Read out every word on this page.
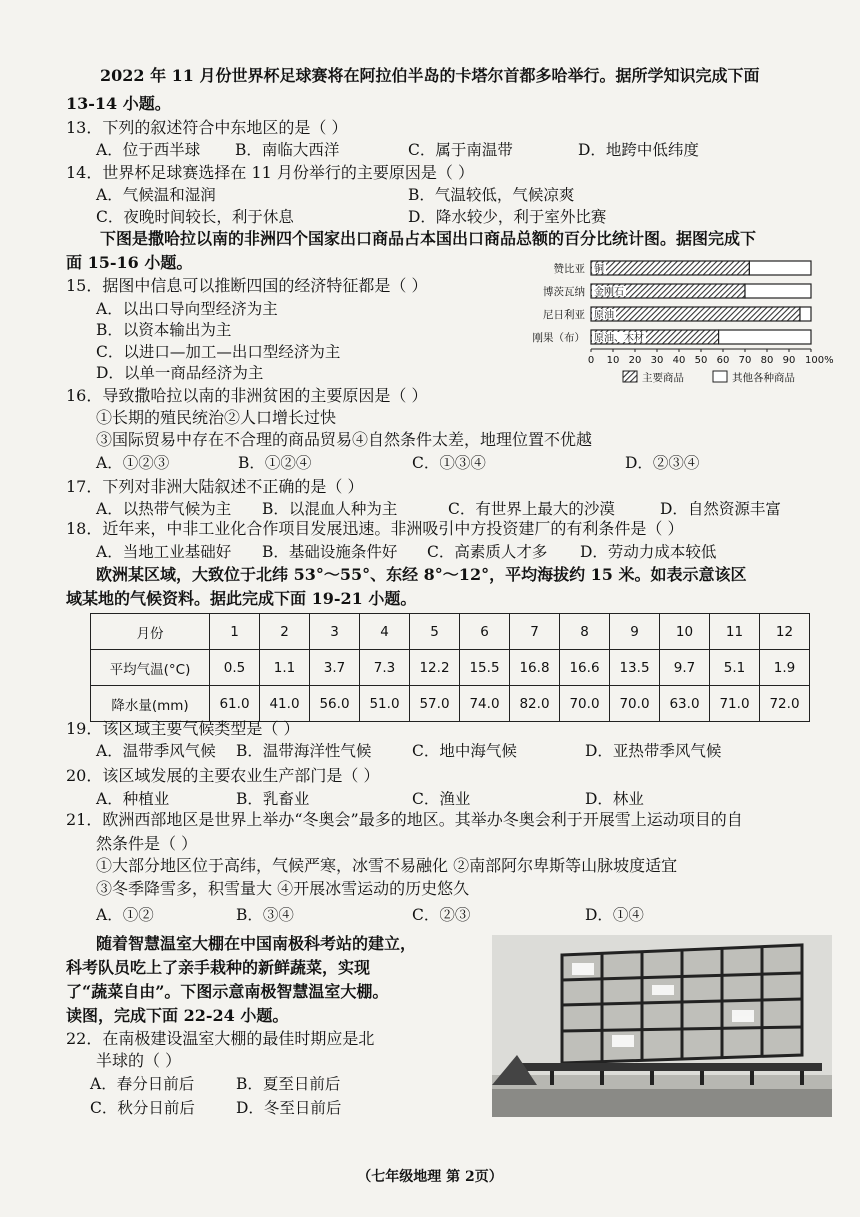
2022 年 11 月份世界杯足球赛将在阿拉伯半岛的卡塔尔首都多哈举行。据所学知识完成下面
13-14 小题。
13．下列的叙述符合中东地区的是（ ）
A．位于西半球 B．南临大西洋	C．属于南温带	D．地跨中低纬度
14．世界杯足球赛选择在 11 月份举行的主要原因是（ ）
A．气候温和湿润	B．气温较低，气候凉爽
C．夜晚时间较长，利于休息	D．降水较少，利于室外比赛
下图是撒哈拉以南的非洲四个国家出口商品占本国出口商品总额的百分比统计图。据图完成下
面 15-16 小题。
15．据图中信息可以推断四国的经济特征都是（ ）
A．以出口导向型经济为主
B．以资本输出为主
C．以进口—加工—出口型经济为主
D．以单一商品经济为主
赞比亚 铜
博茨瓦纳 金刚石
尼日利亚 原油
刚果（布） 原油、木材
0 10 20 30 40 50 60 70 80 90 100%
主要商品	其他各种商品
16．导致撒哈拉以南的非洲贫困的主要原因是（ ）
①长期的殖民统治②人口增长过快
③国际贸易中存在不合理的商品贸易④自然条件太差，地理位置不优越
A．①②③	B．①②④	C．①③④	D．②③④
17．下列对非洲大陆叙述不正确的是（ ）
A．以热带气候为主 B．以混血人种为主	C．有世界上最大的沙漠	D．自然资源丰富
18．近年来，中非工业化合作项目发展迅速。非洲吸引中方投资建厂的有利条件是（ ）
A．当地工业基础好 B．基础设施条件好 C．高素质人才多 D．劳动力成本较低
欧洲某区域，大致位于北纬 53°～55°、东经 8°～12°，平均海拔约 15 米。如表示意该区
域某地的气候资料。据此完成下面 19-21 小题。
月份	1	2	3	4	5	6	7	8	9	10	11	12
平均气温(°C)	0.5	1.1	3.7	7.3	12.2	15.5	16.8	16.6	13.5	9.7	5.1	1.9
降水量(mm)	61.0	41.0	56.0	51.0	57.0	74.0	82.0	70.0	70.0	63.0	71.0	72.0
19．该区域主要气候类型是（ ）
A．温带季风气候 B．温带海洋性气候	C．地中海气候	D．亚热带季风气候
20．该区域发展的主要农业生产部门是（ ）
A．种植业	B．乳畜业	C．渔业	D．林业
21．欧洲西部地区是世界上举办“冬奥会”最多的地区。其举办冬奥会利于开展雪上运动项目的自
然条件是（ ）
①大部分地区位于高纬，气候严寒，冰雪不易融化 ②南部阿尔卑斯等山脉坡度适宜
③冬季降雪多，积雪量大 ④开展冰雪运动的历史悠久
A．①②	B．③④	C．②③	D．①④
随着智慧温室大棚在中国南极科考站的建立，
科考队员吃上了亲手栽种的新鲜蔬菜，实现
了“蔬菜自由”。下图示意南极智慧温室大棚。
读图，完成下面 22-24 小题。
22．在南极建设温室大棚的最佳时期应是北
半球的（ ）
A．春分日前后	B．夏至日前后
C．秋分日前后	D．冬至日前后
（七年级地理 第 2页）
